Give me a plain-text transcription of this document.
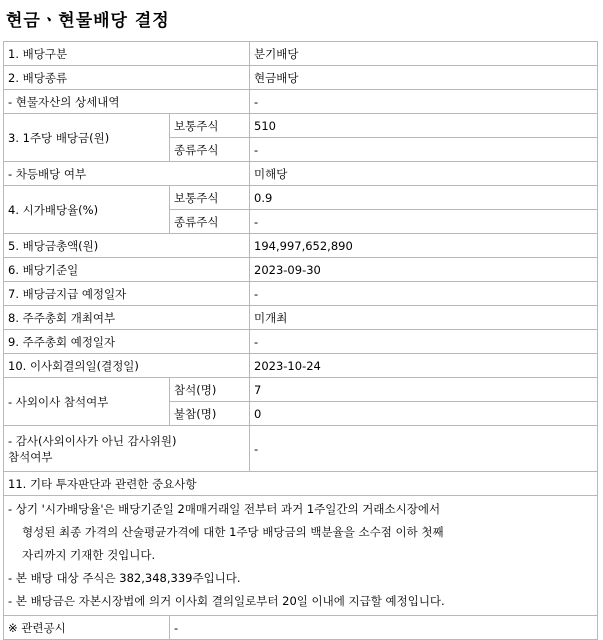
현금ㆍ현물배당 결정
1. 배당구분		분기배당
2. 배당종류		현금배당
- 현물자산의 상세내역		-
3. 1주당 배당금(원)	보통주식	510
	종류주식	-
- 차등배당 여부		미해당
4. 시가배당율(%)	보통주식	0.9
	종류주식	-
5. 배당금총액(원)		194,997,652,890
6. 배당기준일		2023-09-30
7. 배당금지급 예정일자		-
8. 주주총회 개최여부		미개최
9. 주주총회 예정일자		-
10. 이사회결의일(결정일)		2023-10-24
- 사외이사 참석여부	참석(명)	7
	불참(명)	0

- 감사(사외이사가 아닌 감사위원)
참석여부		-
11. 기타 투자판단과 관련한 중요사항		

- 상기 '시가배당율'은 배당기준일 2매매거래일 전부터 과거 1주일간의 거래소시장에서

형성된 최종 가격의 산술평균가격에 대한 1주당 배당금의 백분율을 소수점 이하 첫째

자리까지 기재한 것입니다.

- 본 배당 대상 주식은 382,348,339주입니다.

- 본 배당금은 자본시장법에 의거 이사회 결의일로부터 20일 이내에 지급할 예정입니다.		

※ 관련공시	-	
